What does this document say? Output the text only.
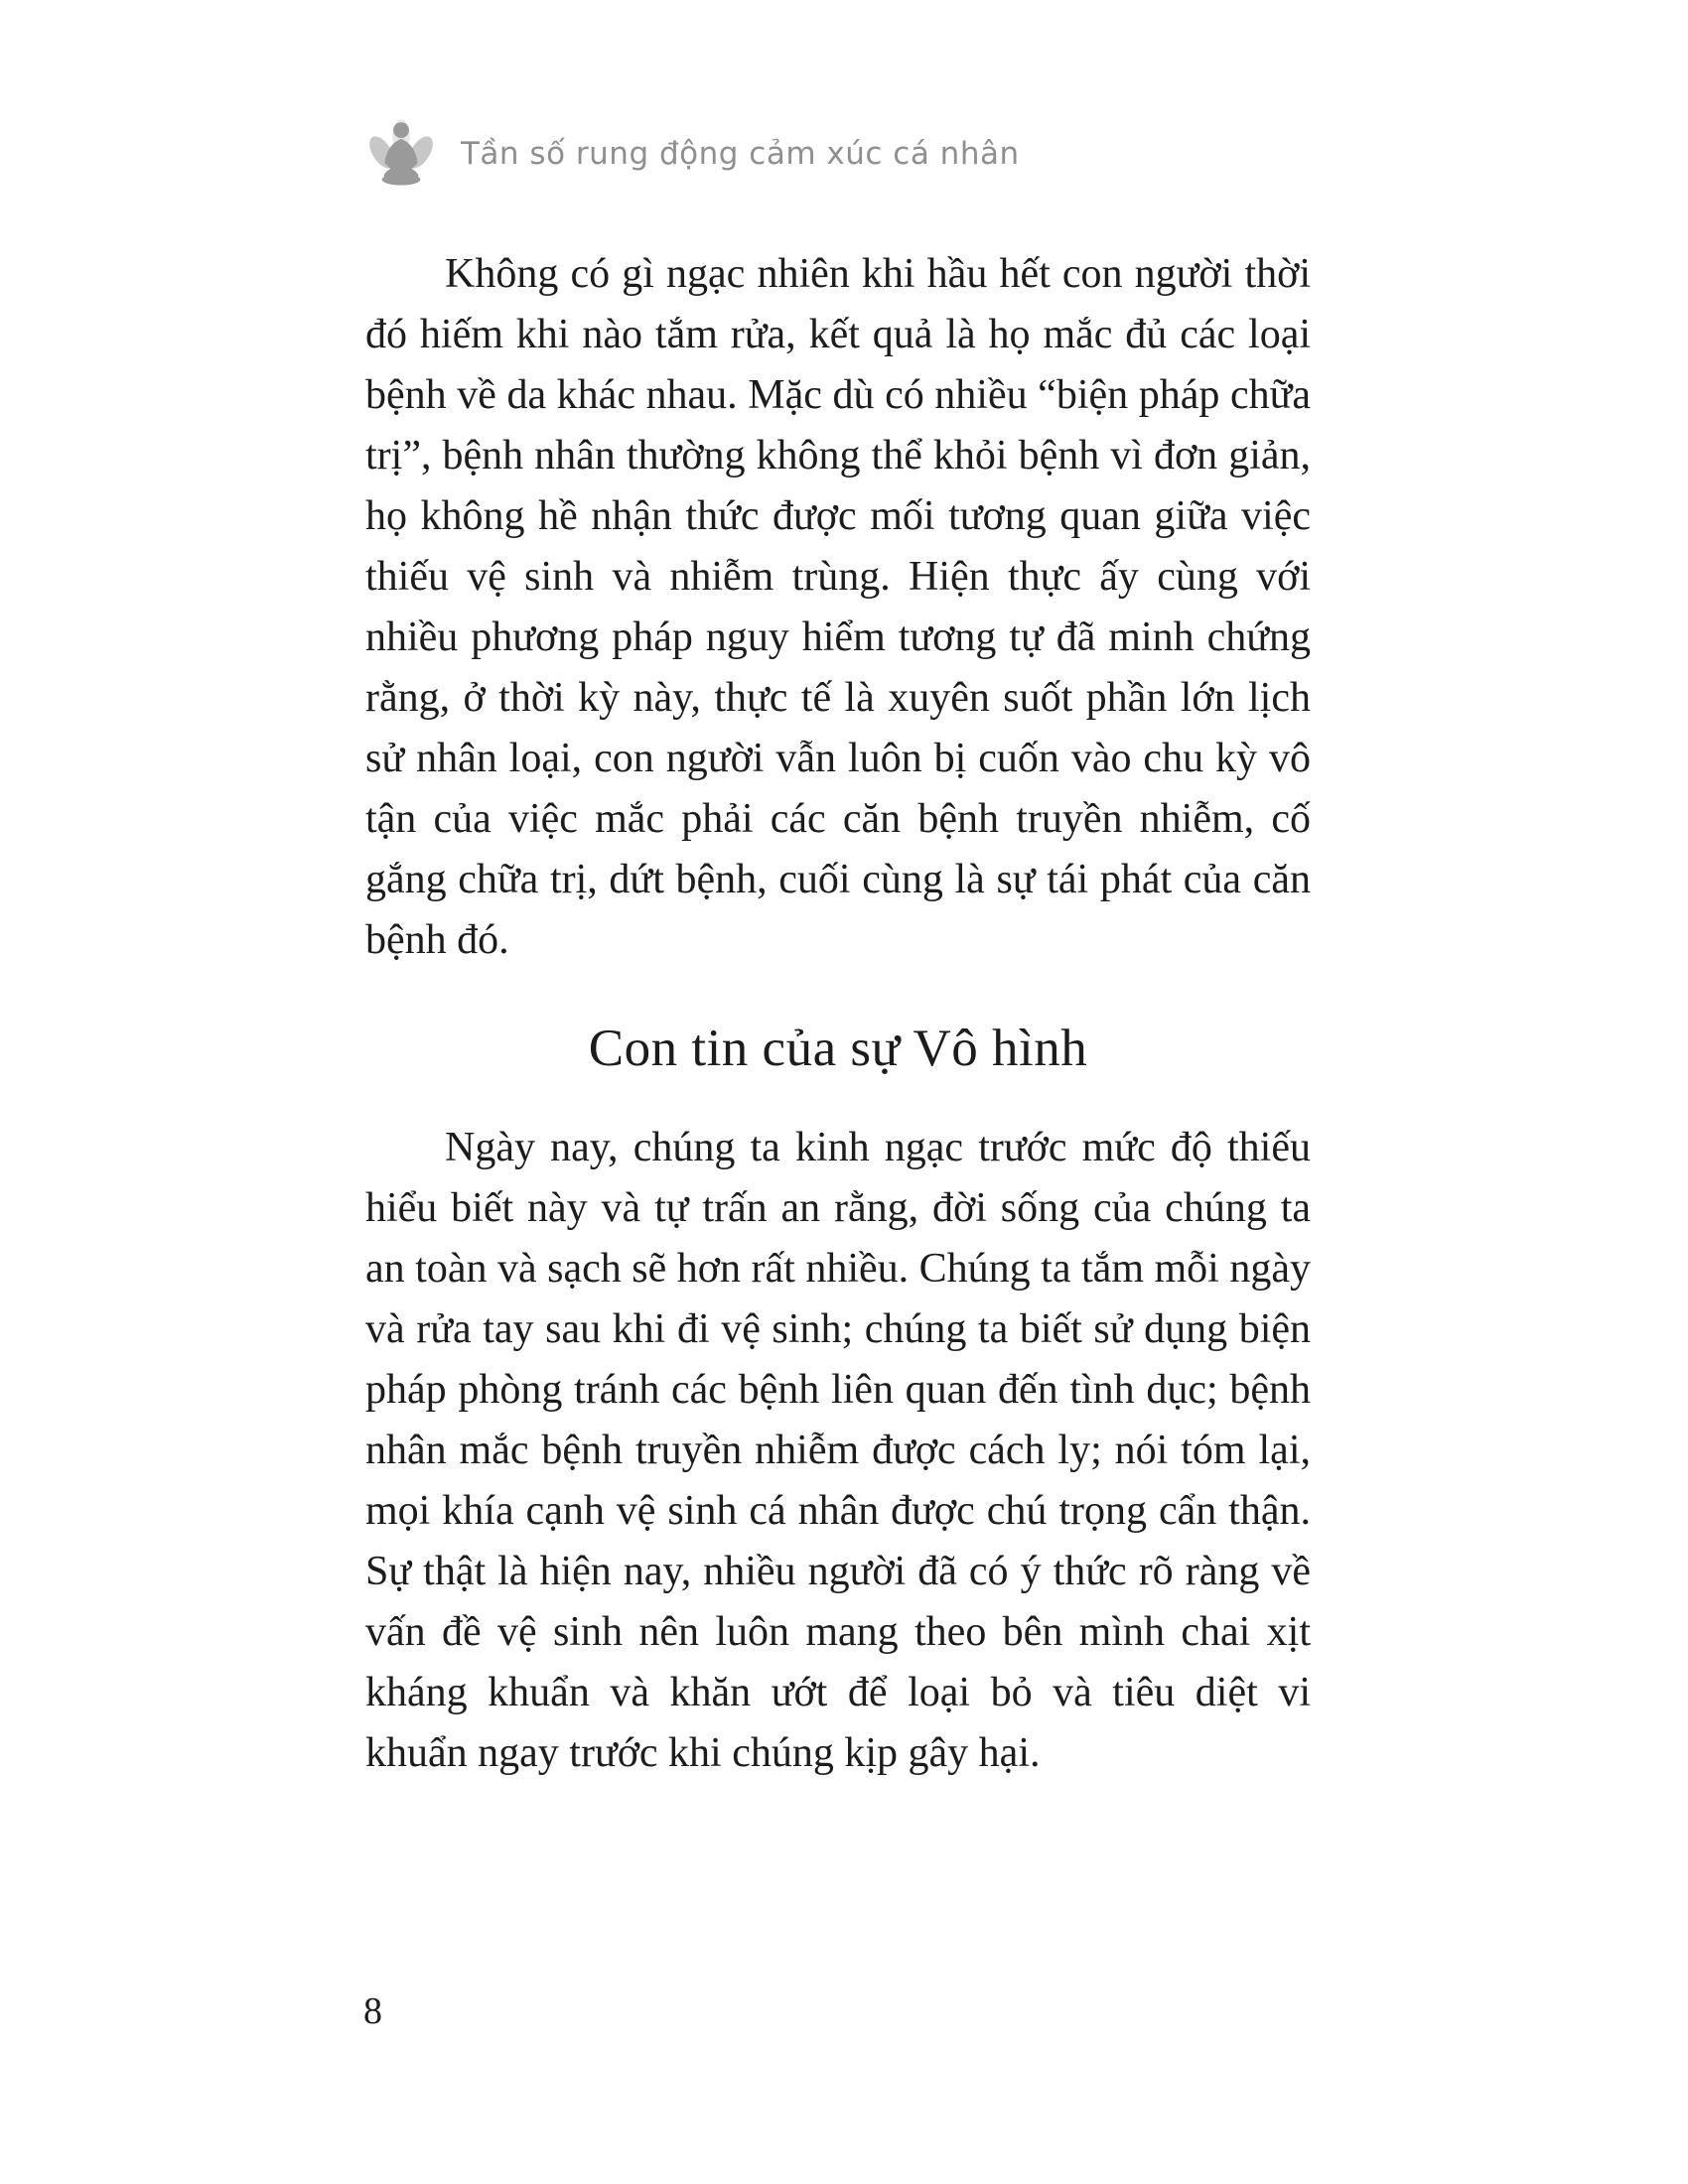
Tần số rung động cảm xúc cá nhân

Không có gì ngạc nhiên khi hầu hết con người thời đó hiếm khi nào tắm rửa, kết quả là họ mắc đủ các loại bệnh về da khác nhau. Mặc dù có nhiều “biện pháp chữa trị”, bệnh nhân thường không thể khỏi bệnh vì đơn giản, họ không hề nhận thức được mối tương quan giữa việc thiếu vệ sinh và nhiễm trùng. Hiện thực ấy cùng với nhiều phương pháp nguy hiểm tương tự đã minh chứng rằng, ở thời kỳ này, thực tế là xuyên suốt phần lớn lịch sử nhân loại, con người vẫn luôn bị cuốn vào chu kỳ vô tận của việc mắc phải các căn bệnh truyền nhiễm, cố gắng chữa trị, dứt bệnh, cuối cùng là sự tái phát của căn bệnh đó.

Con tin của sự Vô hình

Ngày nay, chúng ta kinh ngạc trước mức độ thiếu hiểu biết này và tự trấn an rằng, đời sống của chúng ta an toàn và sạch sẽ hơn rất nhiều. Chúng ta tắm mỗi ngày và rửa tay sau khi đi vệ sinh; chúng ta biết sử dụng biện pháp phòng tránh các bệnh liên quan đến tình dục; bệnh nhân mắc bệnh truyền nhiễm được cách ly; nói tóm lại, mọi khía cạnh vệ sinh cá nhân được chú trọng cẩn thận. Sự thật là hiện nay, nhiều người đã có ý thức rõ ràng về vấn đề vệ sinh nên luôn mang theo bên mình chai xịt kháng khuẩn và khăn ướt để loại bỏ và tiêu diệt vi khuẩn ngay trước khi chúng kịp gây hại.

8
